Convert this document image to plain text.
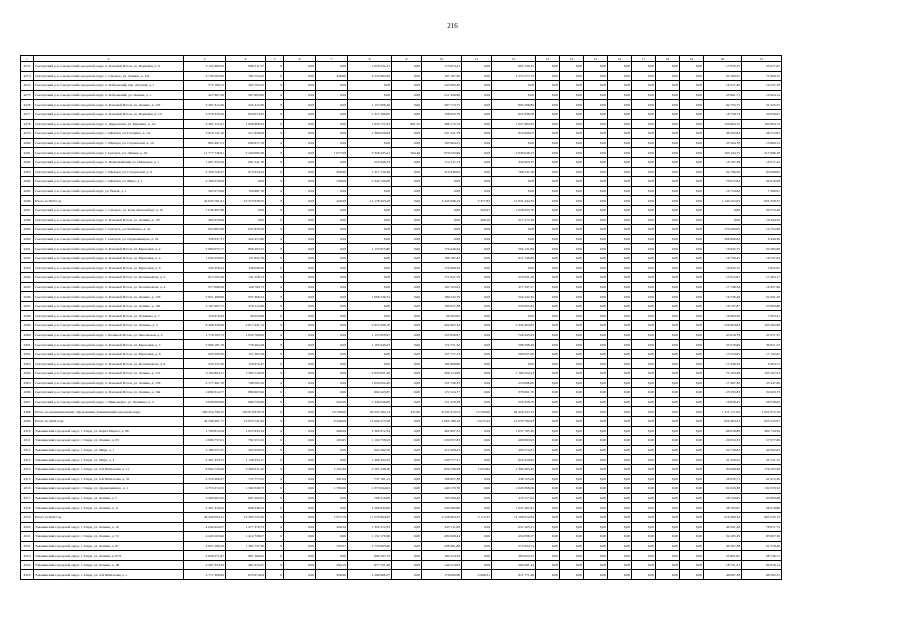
216
1	2	3	4	5	6	7	8	9	10	11	12	13	14	15	16	17	18	19	20	21
4272	Сысертский р-н, Сысертский городской округ, п. Большой Исток, ул. Парковая, д. 6	3 145 480,93	686 511,57	0	0,00	0,00	1 018 531,21	0,00	173 874,21	0,00	605 740,32	0,00	0,00	0,00	0,00	0,00	0,00	0,00	17 035,37	54 471,67
4273	Сысертский р-н, Сысертский городской округ, с. Сысерть, ул. Ленина, д. 13а	3 730 505,60	784 752,22	0	0,00	446,90	2 554 984,30	0,00	197 107,36	0,00	1 273 577,75	0,00	0,00	0,00	0,00	0,00	0,00	0,00	43 190,25	75 396,72
4274	Сысертский р-н, Сысертский городской округ, п. Бобровский, пер. Луговой, д. 1	573 180,75	265 705,25	0	0,00	0,00	0,00	0,00	245 083,30	0,00	0,00	0,00	0,00	0,00	0,00	0,00	0,00	0,00	16 371,40	10 237,76
4275	Сысертский р-н, Сысертский городской округ, п. Бобровский, ул. Ленина, д. 1	427 967,29	207 603,00	0	0,00	0,00	0,00	0,00	211 348,96	0,00	0,00	0,00	0,00	0,00	0,00	0,00	0,00	0,00	23 991,71	10 924,14
4276	Сысертский р-н, Сысертский городской округ, п. Большой Исток, ул. Ленина, д. 147	3 287 312,46	234 412,30	0	0,00	0,00	1 157 006,26	0,00	287 713,75	0,00	893 498,86	0,00	0,00	0,00	0,00	0,00	0,00	0,00	62 735,75	22 425,55
4277	Сысертский р-н, Сысертский городской округ, п. Большой Исток, ул. Парковая, д. 10	2 579 350,26	850 074,32	0	0,00	0,00	1 313 186,05	0,00	158 633,76	0,00	651 038,59	0,00	0,00	0,00	0,00	0,00	0,00	0,00	16 758,74	54 058,07
4278	Сысертский р-н, Сысертский городской округ, п. Двуреченск, ул. Кирпина, д. 1А	3 281 151,61	1 956 808,54	0	0,00	0,00	1 633 771,93	691,70	388 172,74	0,00	1 027 982,83	0,00	0,00	0,00	0,00	0,00	0,00	0,00	159 964,75	102 994,73
4279	Сысертский р-н, Сысертский городской округ, с. Щелкун, ул. Гагарина, д. 1А	3 919 141,16	271 958,08	0	0,00	0,00	1 380 020,84	0,00	347 541,79	0,00	810 040,05	0,00	0,00	0,00	0,00	0,00	0,00	0,00	46 252,84	56 272,85
4280	Сысертский р-н, Сысертский городской округ, с. Щелкун, ул. Строителей, д. 10	863 497,51	630 917,76	0	0,00	0,00	0,00	0,00	103 904,21	0,00	0,00	0,00	0,00	0,00	0,00	0,00	0,00	0,00	35 564,70	15 860,13
4281	Сысертский р-н, Сысертский городской округ, г. Сысерть, ул. Ленина, д. 45	11 777 736,81	2 220 065,36	0	0,00	1 077,09	3 328 435,21	594,40	679 545,96	0,00	2 036 048,13	0,00	0,00	0,00	0,00	0,00	0,00	0,00	165 234,75	217 686,18
4282	Сысертский р-н, Сысертский городской округ, п. Первомайский, ул. Пионеров, д. 1	1 607 352,56	681 541,78	0	0,00	0,00	223 948,52	0,00	112 211,73	0,00	334 603,35	0,00	0,00	0,00	0,00	0,00	0,00	0,00	18 197,38	16 571,44
4283	Сысертский р-н, Сысертский городской округ, с. Щелкун, ул. Строителей, д. 9	2 359 720,27	875 954,24	0	0,00	300,96	1 317 750,49	0,00	210 340,94	0,00	768 531,28	0,00	0,00	0,00	0,00	0,00	0,00	0,00	42 796,56	63 098,92
4284	Сысертский р-н, Сысертский городской округ, с. Щелкун, ул. Мира, д. 1	2 186 279,09	0,00	0	0,00	720,00	2 342 740,88	0,00	0,00	0,00	0,00	0,00	0,00	0,00	0,00	0,00	0,00	0,00	70 675,82	42 616,08
4285	Сысертский р-н, Сысертский городской округ, ул. Новая, д. 1	365 673,66	150 881,70	0	0,00	0,00	0,00	0,00	0,00	0,00	0,00	0,00	0,00	0,00	0,00	0,00	0,00	0,00	10 754,62	7 360,97
4286	Итого за 2023 год	42 634 781,61	10 573 938,55	0	0,00	420,00	12 178 403,16	0,00	3 425 096,19	2 377,85	11 831 244,35	0,00	0,00	0,00	0,00	0,00	0,00	0,00	1 144 525,05	822 358,37
4287	Сысертский р-н, Сысертский городской округ, с. Сысерть, ул. Розы Люксембург, д. 1б	7 049 397,88	0,00	0	0,00	0,00	0,00	0,00	0,00	509,47	1 028 833,76	0,00	0,00	0,00	0,00	0,00	0,00	0,00	0,00	39 570,46
4288	Сысертский р-н, Сысертский городской округ, п. Большой Исток, ул. Ленина, д. 107	362 978,69	0,00	0	0,00	0,00	0,00	0,00	0,00	408,18	217 275,36	0,00	0,00	0,00	0,00	0,00	0,00	0,00	0,00	16 444,35
4289	Сысертский р-н, Сысертский городской округ, г. Сысерть, ул. Коммуны, д. 41	823 987,69	637 678,56	0	0,00	0,00	0,00	0,00	0,00	0,00	0,00	0,00	0,00	0,00	0,00	0,00	0,00	0,00	170 206,05	12 752,68
4290	Сысертский р-н, Сысертский городской округ, г. Сысерть, ул. Орджоникидзе, д. 34	330 837,31	422 417,80	0	0,00	0,00	0,00	0,00	0,00	0,00	0,00	0,00	0,00	0,00	0,00	0,00	0,00	0,00	206 990,82	8 448,36
4291	Сысертский р-н, Сысертский городской округ, п. Большой Исток, ул. Береговая, д. 2	2 890 055,77	896 403,75	0	0,00	0,00	1 153 975,80	0,00	179 446,34	0,00	504 131,89	0,00	0,00	0,00	0,00	0,00	0,00	0,00	16 932,75	34 395,86
4292	Сысертский р-н, Сысертский городской округ, п. Большой Исток, ул. Береговая, д. 4	1 034 250,87	121 852,76	0	0,00	0,00	0,00	0,00	188 187,42	0,00	611 748,86	0,00	0,00	0,00	0,00	0,00	0,00	0,00	16 756,45	18 537,64
4293	Сысертский р-н, Сысертский городской округ, п. Большой Исток, ул. Береговая, д. 6	340 356,24	148 096,39	0	0,00	0,00	0,00	0,00	179 408,34	0,00	0,00	0,00	0,00	0,00	0,00	0,00	0,00	0,00	16 932,75	5 952,97
4294	Сысертский р-н, Сысертский городской округ, п. Большой Исток, ул. Космонавтов, д. 2	915 565,46	131 258,13	0	0,00	0,00	0,00	0,00	171 947,70	0,00	279 031,36	0,00	0,00	0,00	0,00	0,00	0,00	0,00	15 915,67	17 263,17
4295	Сысертский р-н, Сысертский городской округ, п. Большой Исток, ул. Космонавтов, д. 4	977 068,28	126 794,73	0	0,00	0,00	0,00	0,00	163 103,04	0,00	317 597,57	0,00	0,00	0,00	0,00	0,00	0,00	0,00	17 749,34	16 457,96
4296	Сысертский р-н, Сысертский городской округ, п. Большой Исток, ул. Ленина, д. 156	2 851 469,80	937 306,23	0	0,00	0,00	1 068 239,34	0,00	189 242,79	0,00	524 242,35	0,00	0,00	0,00	0,00	0,00	0,00	0,00	16 736,28	34 561,29
4297	Сысертский р-н, Сысертский городской округ, п. Большой Исток, ул. Ленина, д. 162	2 107 667,77	310 112,48	0	0,00	0,00	0,00	0,00	190 021,38	0,00	543 905,81	0,00	0,00	0,00	0,00	0,00	0,00	0,00	16 737,87	25 993,88
4298	Сысертский р-н, Сысертский городской округ, п. Большой Исток, ул. Пушкина, д. 7	150 979,93	40 023,66	0	0,00	0,00	0,00	0,00	39 303,93	0,00	0,00	0,00	0,00	0,00	0,00	0,00	0,00	0,00	16 963,29	7 003,41
4299	Сысертский р-н, Сысертский городской округ, п. Большой Исток, ул. Чапаева, д. 2	8 408 328,68	2 817 441,74	0	0,00	0,00	2 872 596,76	0,00	402 962,32	0,00	2 356 363,85	0,00	0,00	0,00	0,00	0,00	0,00	0,00	256 803,83	163 202,68
4300	Сысертский р-н, Сысертский городской округ, с. Большой Исток, ул. Чкаловская, д. 2	1 776 505,73	1 054 766,00	0	0,00	0,00	1 155 859,97	0,00	155 859,97	0,00	720 445,93	0,00	0,00	0,00	0,00	0,00	0,00	0,00	45 619,79	33 571,37
4301	Сысертский р-н, Сысертский городской округ, п. Большой Исток, ул. Береговая, д. 5	2 689 181,76	778 464,28	0	0,00	0,00	1 195 940,23	0,00	174 771,32	0,00	508 598,29	0,00	0,00	0,00	0,00	0,00	0,00	0,00	23 576,69	39 051,52
4302	Сысертский р-н, Сысертский городской округ, п. Большой Исток, ул. Береговая, д. 8	920 599,30	151 265,58	0	0,00	0,00	0,00	0,00	157 717,13	0,00	580 627,00	0,00	0,00	0,00	0,00	0,00	0,00	0,00	15 553,65	17 142,67
4303	Сысертский р-н, Сысертский городской округ, п. Большой Исток, ул. Космонавтов, д. 6	343 137,20	139 872,47	0	0,00	0,00	0,00	0,00	181 889,86	0,00	0,00	0,00	0,00	0,00	0,00	0,00	0,00	0,00	17 439,34	6 403,71
4304	Сысертский р-н, Сысертский городской округ, п. Большой Исток, ул. Ленина, д. 151	3 104 804,11	1 565 716,09	0	0,00	0,00	2 035 631,26	0,00	306 113,60	0,00	1 190 252,23	0,00	0,00	0,00	0,00	0,00	0,00	0,00	73 183,39	103 167,23
4305	Сысертский р-н, Сысертский городской округ, п. Большой Исток, ул. Ленина, д. 156	2 777 461,70	798 505,16	0	0,00	0,00	1 054 052,20	0,00	151 730,35	0,00	510 096,60	0,00	0,00	0,00	0,00	0,00	0,00	0,00	17 467,30	35 447,80
4306	Сысертский р-н, Сысертский городской округ, п. Большой Исток, ул. Ленина, д. 164	2 089 314,77	886 967,69	0	0,00	0,00	992 443,87	0,00	171 524,77	0,00	378 691,70	0,00	0,00	0,00	0,00	0,00	0,00	0,00	23 333,83	32 020,73
4307	Сысертский р-н, Сысертский городской округ, с. Никольское, ул. Пушкина, д. 3	3 058 663,80	680 750,66	0	0,00	420,00	1 346 046,86	0,00	151 470,18	0,00	554 438,70	0,00	0,00	0,00	0,00	0,00	0,00	0,00	16 656,25	36 538,05
4308	Итого по муниципальному образованию Таванинский городской округ	285 254 790,15	103 973 878,79	0	0,00	10 799,60	30 252 294,14	447,90	6 545 313,53	12 760,96	84 454 247,43	0,00	0,00	0,00	0,00	0,00	0,00	0,00	1 311 171,94	1 622 375,76
4309	Итого по 2024 году	42 346 401,77	13 053 721,92	0	0,00	6 448,00	13 492 275,59	0,00	2 065 189,10	4 075,22	13 233 782,93	0,00	0,00	0,00	0,00	0,00	0,00	0,00	654 303,31	823 245,97
4310	Таванинский городской округ, г. Тавда, ул. Карла Маркса, д. 96	1 790 814,56	1 855 935,34	0	0,00	480,00	2 362 672,34	0,00	462 997,31	0,00	1 037 795,30	0,00	0,00	0,00	0,00	0,00	0,00	0,00	68 618,86	362 734,58
4311	Таванинский городской округ, г. Тавда, ул. Ленина, д. 65	2 996 737,61	782 255,52	0	0,00	163,95	1 104 758,93	0,00	230 857,83	0,00	408 983,93	0,00	0,00	0,00	0,00	0,00	0,00	0,00	29 052,33	57 977,66
4312	Таванинский городской округ, г. Тавда, ул. Мира, д. 1	2 189 557,47	322 958,55	0	0,00	0,00	824 482,50	0,00	214 308,23	0,00	493 572,81	0,00	0,00	0,00	0,00	0,00	0,00	0,00	34 738,82	44 992,63
4313	Таванинский городской округ, г. Тавда, ул. Мира, д. 3	2 361 333,75	1 148 335,17	0	0,00	0,00	1 409 332,35	0,00	250 777,31	0,00	622 426,82	0,00	0,00	0,00	0,00	0,00	0,00	0,00	31 526,22	45 741,72
4314	Таванинский городской округ, г. Тавда, ул. 9-й Пятилетки, д. 1а	8 064 729,49	2 390 911,32	0	0,00	1 102,40	3 181 248,30	0,00	629 738,28	1 653,82	1 369 485,45	0,00	0,00	0,00	0,00	0,00	0,00	0,00	90 098,46	179 705,28
4315	Таванинский городской округ, г. Тавда, ул. 9-й Пятилетки, д. 3а	2 553 269,27	755 775,55	0	0,00	281,00	737 181,15	0,00	196 857,38	0,00	338 125,00	0,00	0,00	0,00	0,00	0,00	0,00	0,00	58 035,71	41 815,30
4316	Таванинский городской округ, г. Тавда, ул. Орджоникидзе, д. 1	6 753 274,53	1 569 348,73	0	0,00	1 780,00	1 373 044,03	0,00	440 170,76	0,00	1 026 398,06	0,00	0,00	0,00	0,00	0,00	0,00	0,00	91 645,38	131 033,52
4317	Таванинский городской округ, г. Тавда, ул. Ленина, д. 5	3 266 607,65	697 292,81	0	0,00	0,00	700 410,09	0,00	195 500,20	0,00	470 157,02	0,00	0,00	0,00	0,00	0,00	0,00	0,00	28 750,65	63 083,08
4318	Таванинский городской округ, г. Тавда, ул. Ленина, д. 11	2 361 316,62	688 246,54	0	0,00	0,00	1 584 842,80	0,00	240 582,86	0,00	1 047 461,81	0,00	0,00	0,00	0,00	0,00	0,00	0,00	28 785,67	48 218,88
4319	Итого за 2024 год	46 436 063,21	13 300 725,26	0	0,00	1 973,79	17 278 964,95	0,00	2 528 603,35	5 112,37	11 168 672,84	0,00	0,00	0,00	0,00	0,00	0,00	0,00	518 489,32	861 045,15
4320	Таванинский городской округ, г. Тавда, ул. Ленина, д. 19	4 044 622,07	1 477 376,73	0	0,00	449,50	1 352 212,33	0,00	345 711,00	0,00	651 563,31	0,00	0,00	0,00	0,00	0,00	0,00	0,00	40 591,20	78 971,73
4321	Таванинский городской округ, г. Тавда, ул. Ленина, д. 72	4 420 263,96	1 412 728,07	0	0,00	0,00	1 152 170,90	0,00	282 648,44	0,00	454 836,57	0,00	0,00	0,00	0,00	0,00	0,00	0,00	34 185,29	83 097,56
4322	Таванинский городской округ, г. Тавда, ул. Ленина, д. 87	4 951 286,16	1 492 737,30	0	0,00	793,57	1 779 963,90	0,00	298 461,86	0,00	513 933,74	0,00	0,00	0,00	0,00	0,00	0,00	0,00	40 567,38	91 578,48
4323	Таванинский городской округ, г. Тавда, ул. Ленина, д. 87А	2 820 571,87	807 169,62	0	0,00	0,00	906 167,75	0,00	164 214,33	0,00	383 922,53	0,00	0,00	0,00	0,00	0,00	0,00	0,00	23 681,87	48 736,71
4324	Таванинский городской округ, г. Тавда, ул. Ленина, д. 1В	2 597 353,33	461 915,47	0	0,00	294,10	677 721,26	0,00	144 513,03	0,00	284 981,14	0,00	0,00	0,00	0,00	0,00	0,00	0,00	18 751,21	62 818,14
4325	Таванинский городской округ, г. Тавда, ул. 4-й Пятилетки, д. 1	3 771 309,64	674 874,04	0	0,00	439,90	1 289 966,57	0,00	179 000,96	4 098,31	811 771,46	0,00	0,00	0,00	0,00	0,00	0,00	0,00	46 097,39	68 302,31
